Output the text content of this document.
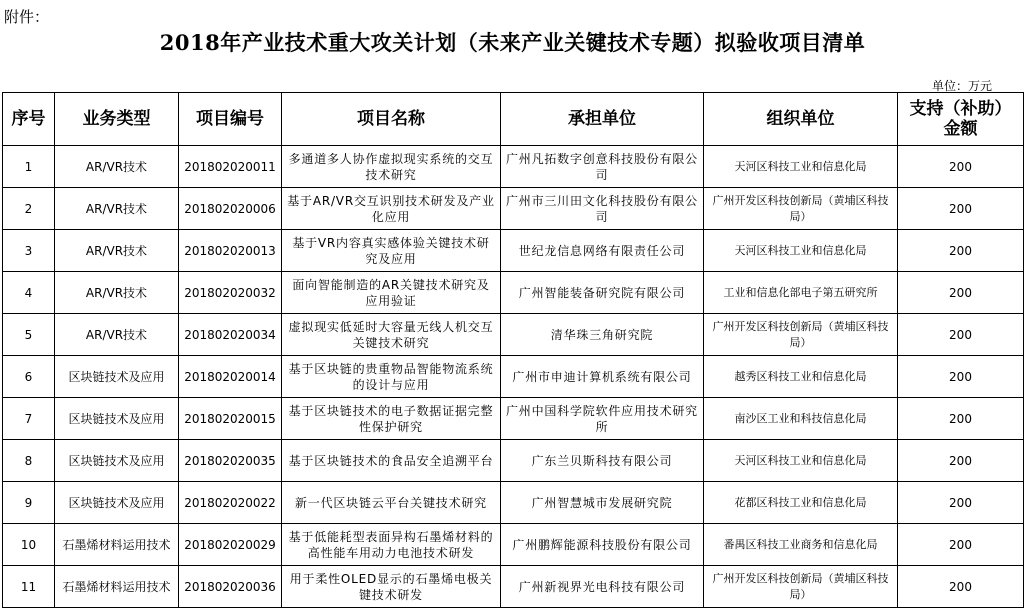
附件：
2018年产业技术重大攻关计划（未来产业关键技术专题）拟验收项目清单
单位：万元
序号	业务类型	项目编号	项目名称	承担单位	组织单位	支持（补助）金额
1	AR/VR技术	201802020011	多通道多人协作虚拟现实系统的交互技术研究	广州凡拓数字创意科技股份有限公司	天河区科技工业和信息化局	200
2	AR/VR技术	201802020006	基于AR/VR交互识别技术研发及产业化应用	广州市三川田文化科技股份有限公司	广州开发区科技创新局（黄埔区科技局）	200
3	AR/VR技术	201802020013	基于VR内容真实感体验关键技术研究及应用	世纪龙信息网络有限责任公司	天河区科技工业和信息化局	200
4	AR/VR技术	201802020032	面向智能制造的AR关键技术研究及应用验证	广州智能装备研究院有限公司	工业和信息化部电子第五研究所	200
5	AR/VR技术	201802020034	虚拟现实低延时大容量无线人机交互关键技术研究	清华珠三角研究院	广州开发区科技创新局（黄埔区科技局）	200
6	区块链技术及应用	201802020014	基于区块链的贵重物品智能物流系统的设计与应用	广州市申迪计算机系统有限公司	越秀区科技工业和信息化局	200
7	区块链技术及应用	201802020015	基于区块链技术的电子数据证据完整性保护研究	广州中国科学院软件应用技术研究所	南沙区工业和科技信息化局	200
8	区块链技术及应用	201802020035	基于区块链技术的食品安全追溯平台	广东兰贝斯科技有限公司	天河区科技工业和信息化局	200
9	区块链技术及应用	201802020022	新一代区块链云平台关键技术研究	广州智慧城市发展研究院	花都区科技工业和信息化局	200
10	石墨烯材料运用技术	201802020029	基于低能耗型表面异构石墨烯材料的高性能车用动力电池技术研发	广州鹏辉能源科技股份有限公司	番禺区科技工业商务和信息化局	200
11	石墨烯材料运用技术	201802020036	用于柔性OLED显示的石墨烯电极关键技术研发	广州新视界光电科技有限公司	广州开发区科技创新局（黄埔区科技局）	200
